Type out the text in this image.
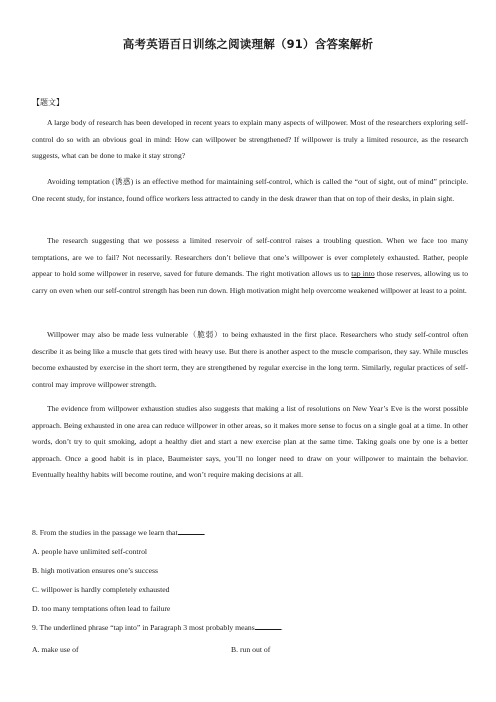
高考英语百日训练之阅读理解（91）含答案解析
【题文】

A large body of research has been developed in recent years to explain many aspects of willpower. Most of the researchers exploring self-control do so with an obvious goal in mind: How can willpower be strengthened? If willpower is truly a limited resource, as the research suggests, what can be done to make it stay strong?

Avoiding temptation (诱惑) is an effective method for maintaining self-control, which is called the “out of sight, out of mind” principle. One recent study, for instance, found office workers less attracted to candy in the desk drawer than that on top of their desks, in plain sight.

The research suggesting that we possess a limited reservoir of self-control raises a troubling question. When we face too many temptations, are we to fail? Not necessarily. Researchers don’t believe that one’s willpower is ever completely exhausted. Rather, people appear to hold some willpower in reserve, saved for future demands. The right motivation allows us to tap into those reserves, allowing us to carry on even when our self-control strength has been run down. High motivation might help overcome weakened willpower at least to a point.

Willpower may also be made less vulnerable（脆弱）to being exhausted in the first place. Researchers who study self-control often describe it as being like a muscle that gets tired with heavy use. But there is another aspect to the muscle comparison, they say. While muscles become exhausted by exercise in the short term, they are strengthened by regular exercise in the long term. Similarly, regular practices of self-control may improve willpower strength.

The evidence from willpower exhaustion studies also suggests that making a list of resolutions on New Year’s Eve is the worst possible approach. Being exhausted in one area can reduce willpower in other areas, so it makes more sense to focus on a single goal at a time. In other words, don’t try to quit smoking, adopt a healthy diet and start a new exercise plan at the same time. Taking goals one by one is a better approach. Once a good habit is in place, Baumeister says, you’ll no longer need to draw on your willpower to maintain the behavior. Eventually healthy habits will become routine, and won’t require making decisions at all.

8. From the studies in the passage we learn that	.
A. people have unlimited self-control
B. high motivation ensures one’s success
C. willpower is hardly completely exhausted
D. too many temptations often lead to failure
9. The underlined phrase “tap into” in Paragraph 3 most probably means	.
A. make use of	B. run out of
